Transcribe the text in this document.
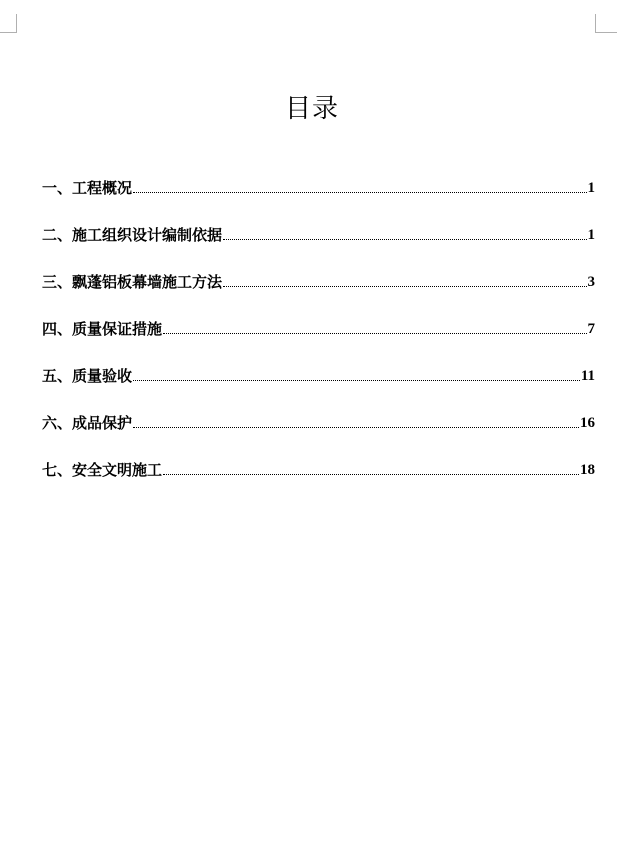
目录
一、工程概况	1
二、施工组织设计编制依据	1
三、飘蓬铝板幕墙施工方法	3
四、质量保证措施	7
五、质量验收	11
六、成品保护	16
七、安全文明施工	18
